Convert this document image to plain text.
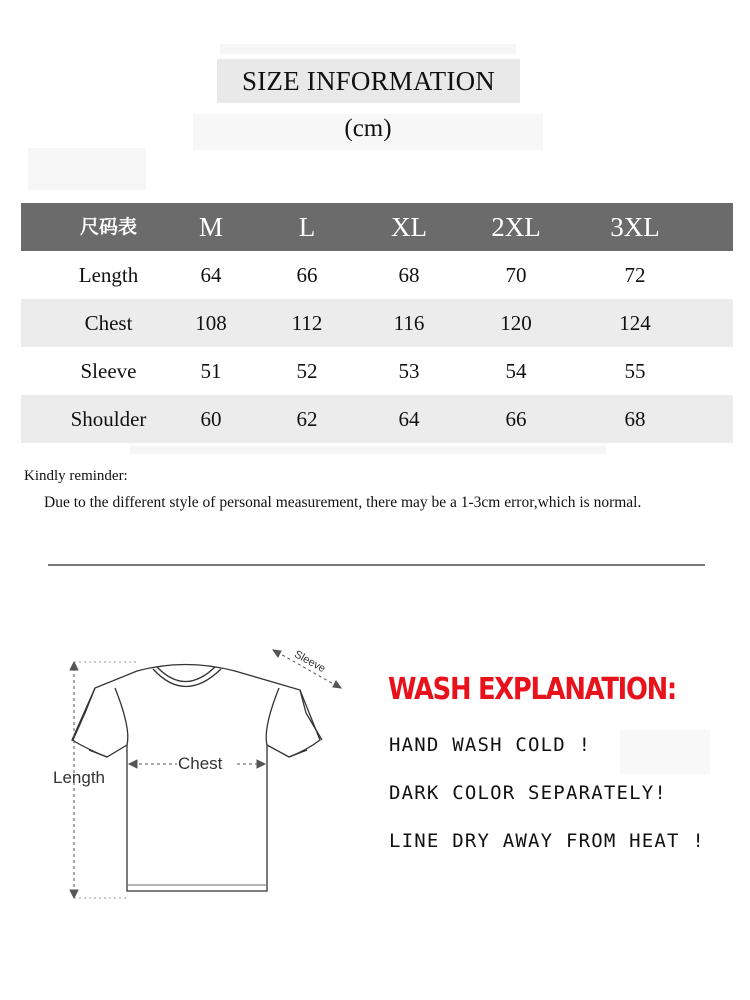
SIZE INFORMATION
(cm)
尺码表	M	L	XL	2XL	3XL
Length	64	66	68	70	72
Chest	108	112	116	120	124
Sleeve	51	52	53	54	55
Shoulder	60	62	64	66	68
Kindly reminder:
Due to the different style of personal measurement, there may be a 1-3cm error,which is normal.
Sleeve
Chest
Length
WASH EXPLANATION:
HAND WASH COLD !
DARK COLOR SEPARATELY!
LINE DRY AWAY FROM HEAT !
